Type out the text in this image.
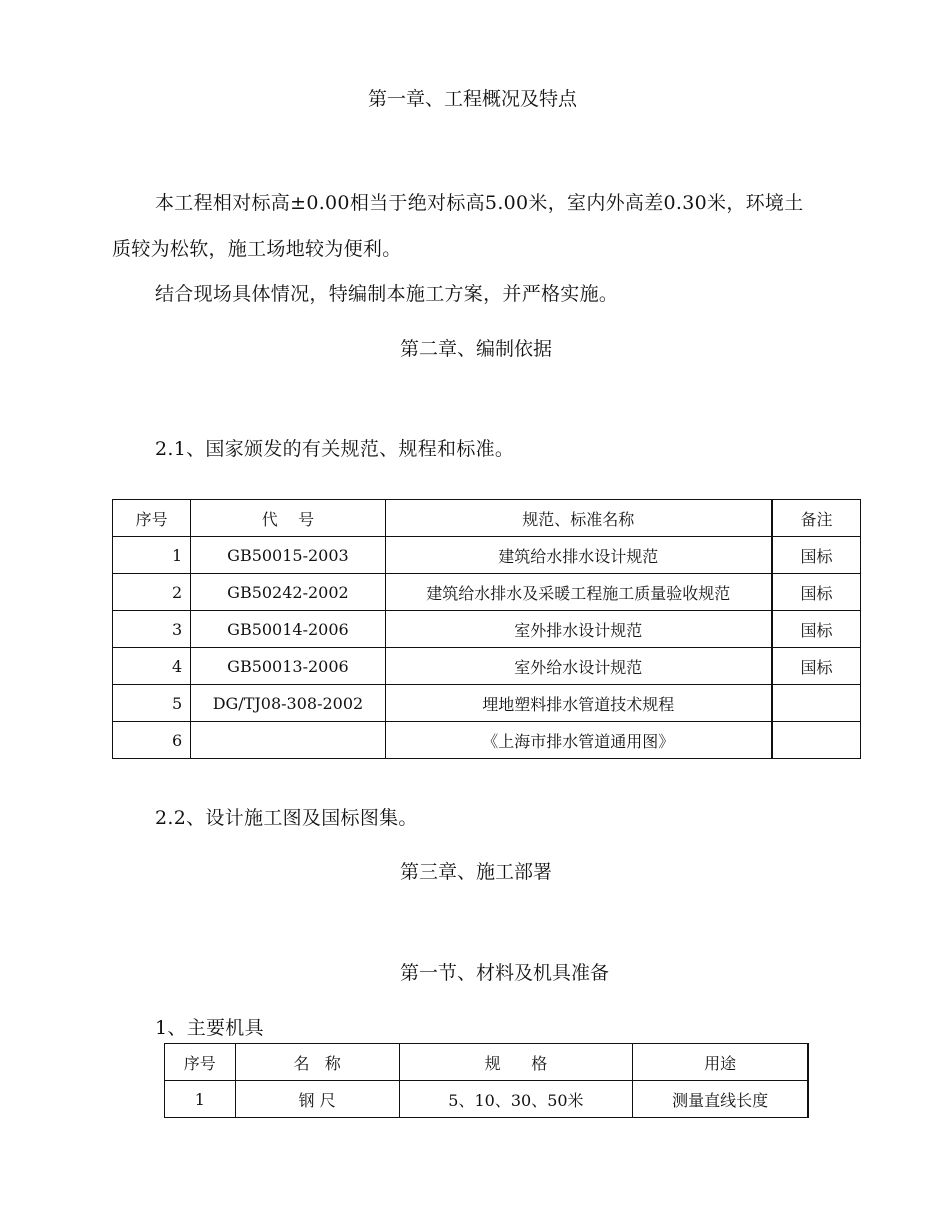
第一章、工程概况及特点
本工程相对标高±0.00相当于绝对标高5.00米，室内外高差0.30米，环境土
质较为松软，施工场地较为便利。
结合现场具体情况，特编制本施工方案，并严格实施。
第二章、编制依据
2.1、国家颁发的有关规范、规程和标准。
序号	代    号	规范、标准名称	备注
1	GB50015-2003	建筑给水排水设计规范	国标
2	GB50242-2002	建筑给水排水及采暖工程施工质量验收规范	国标
3	GB50014-2006	室外排水设计规范	国标
4	GB50013-2006	室外给水设计规范	国标
5	DG/TJ08-308-2002	埋地塑料排水管道技术规程	
6		《上海市排水管道通用图》	
2.2、设计施工图及国标图集。
第三章、施工部署
第一节、材料及机具准备
1、主要机具
序号	名   称	规      格	用途
1	钢 尺	5、10、30、50米	测量直线长度
